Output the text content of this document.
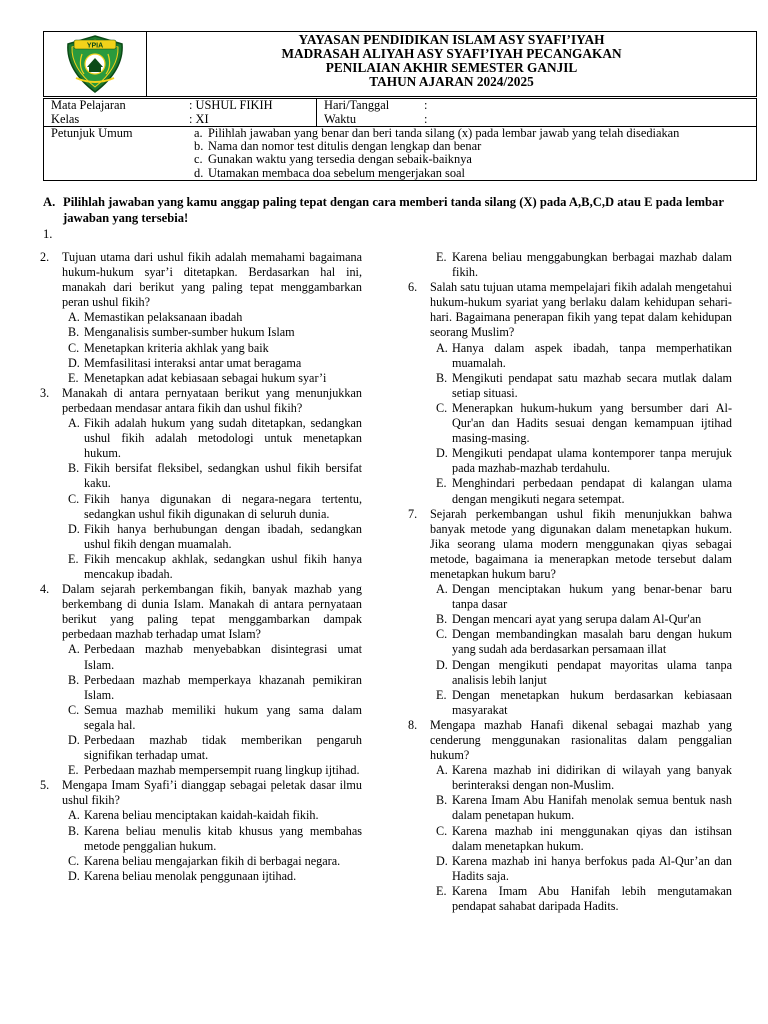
YPIA	YAYASAN PENDIDIKAN ISLAM ASY SYAFI’IYAH
MADRASAH ALIYAH ASY SYAFI’IYAH PECANGAKAN
PENILAIAN AKHIR SEMESTER GANJIL
TAHUN AJARAN 2024/2025
Mata Pelajaran	: USHUL FIKIH
Kelas	: XI

Hari/Tanggal	:
Waktu	:

Petunjuk Umum	a. Pilihlah jawaban yang benar dan beri tanda silang (x) pada lembar jawab yang telah disediakan
b. Nama dan nomor test ditulis dengan lengkap dan benar
c. Gunakan waktu yang tersedia dengan sebaik-baiknya
d. Utamakan membaca doa sebelum mengerjakan soal
A. Pilihlah jawaban yang kamu anggap paling tepat dengan cara memberi tanda silang (X) pada A,B,C,D atau E pada lembar jawaban yang tersebia!
1.
2. Tujuan utama dari ushul fikih adalah memahami bagaimana hukum-hukum syar’i ditetapkan. Berdasarkan hal ini, manakah dari berikut yang paling tepat menggambarkan peran ushul fikih?
A. Memastikan pelaksanaan ibadah
B. Menganalisis sumber-sumber hukum Islam
C. Menetapkan kriteria akhlak yang baik
D. Memfasilitasi interaksi antar umat beragama
E. Menetapkan adat kebiasaan sebagai hukum syar’i
3. Manakah di antara pernyataan berikut yang menunjukkan perbedaan mendasar antara fikih dan ushul fikih?
A. Fikih adalah hukum yang sudah ditetapkan, sedangkan ushul fikih adalah metodologi untuk menetapkan hukum.
B. Fikih bersifat fleksibel, sedangkan ushul fikih bersifat kaku.
C. Fikih hanya digunakan di negara-negara tertentu, sedangkan ushul fikih digunakan di seluruh dunia.
D. Fikih hanya berhubungan dengan ibadah, sedangkan ushul fikih dengan muamalah.
E. Fikih mencakup akhlak, sedangkan ushul fikih hanya mencakup ibadah.
4. Dalam sejarah perkembangan fikih, banyak mazhab yang berkembang di dunia Islam. Manakah di antara pernyataan berikut yang paling tepat menggambarkan dampak perbedaan mazhab terhadap umat Islam?
A. Perbedaan mazhab menyebabkan disintegrasi umat Islam.
B. Perbedaan mazhab memperkaya khazanah pemikiran Islam.
C. Semua mazhab memiliki hukum yang sama dalam segala hal.
D. Perbedaan mazhab tidak memberikan pengaruh signifikan terhadap umat.
E. Perbedaan mazhab mempersempit ruang lingkup ijtihad.
5. Mengapa Imam Syafi’i dianggap sebagai peletak dasar ilmu ushul fikih?
A. Karena beliau menciptakan kaidah-kaidah fikih.
B. Karena beliau menulis kitab khusus yang membahas metode penggalian hukum.
C. Karena beliau mengajarkan fikih di berbagai negara.
D. Karena beliau menolak penggunaan ijtihad.
E. Karena beliau menggabungkan berbagai mazhab dalam fikih.
6. Salah satu tujuan utama mempelajari fikih adalah mengetahui hukum-hukum syariat yang berlaku dalam kehidupan sehari-hari. Bagaimana penerapan fikih yang tepat dalam kehidupan seorang Muslim?
A. Hanya dalam aspek ibadah, tanpa memperhatikan muamalah.
B. Mengikuti pendapat satu mazhab secara mutlak dalam setiap situasi.
C. Menerapkan hukum-hukum yang bersumber dari Al-Qur'an dan Hadits sesuai dengan kemampuan ijtihad masing-masing.
D. Mengikuti pendapat ulama kontemporer tanpa merujuk pada mazhab-mazhab terdahulu.
E. Menghindari perbedaan pendapat di kalangan ulama dengan mengikuti negara setempat.
7. Sejarah perkembangan ushul fikih menunjukkan bahwa banyak metode yang digunakan dalam menetapkan hukum. Jika seorang ulama modern menggunakan qiyas sebagai metode, bagaimana ia menerapkan metode tersebut dalam menetapkan hukum baru?
A. Dengan menciptakan hukum yang benar-benar baru tanpa dasar
B. Dengan mencari ayat yang serupa dalam Al-Qur'an
C. Dengan membandingkan masalah baru dengan hukum yang sudah ada berdasarkan persamaan illat
D. Dengan mengikuti pendapat mayoritas ulama tanpa analisis lebih lanjut
E. Dengan menetapkan hukum berdasarkan kebiasaan masyarakat
8. Mengapa mazhab Hanafi dikenal sebagai mazhab yang cenderung menggunakan rasionalitas dalam penggalian hukum?
A. Karena mazhab ini didirikan di wilayah yang banyak berinteraksi dengan non-Muslim.
B. Karena Imam Abu Hanifah menolak semua bentuk nash dalam penetapan hukum.
C. Karena mazhab ini menggunakan qiyas dan istihsan dalam menetapkan hukum.
D. Karena mazhab ini hanya berfokus pada Al-Qur’an dan Hadits saja.
E. Karena Imam Abu Hanifah lebih mengutamakan pendapat sahabat daripada Hadits.
